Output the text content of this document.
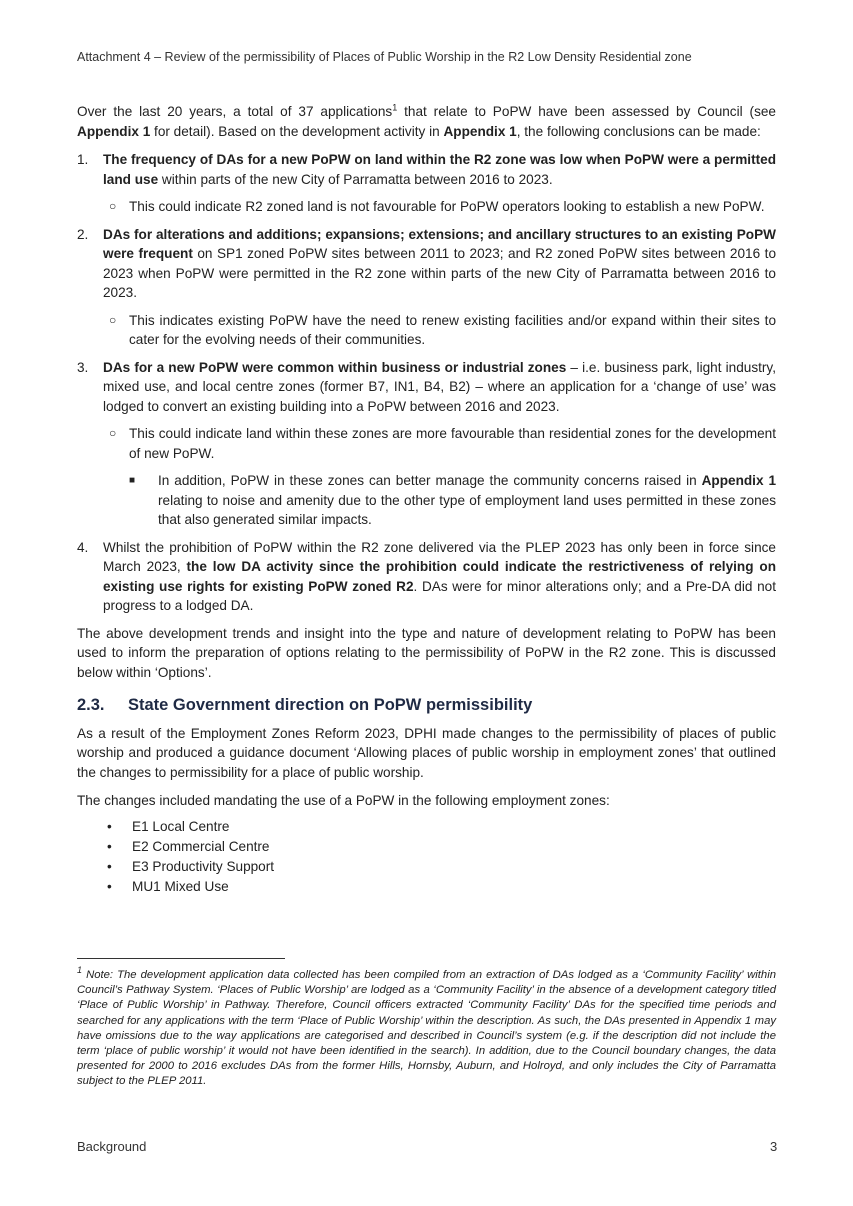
Attachment 4 – Review of the permissibility of Places of Public Worship in the R2 Low Density Residential zone

Over the last 20 years, a total of 37 applications$^1$ that relate to PoPW have been assessed by Council (see Appendix 1 for detail). Based on the development activity in Appendix 1, the following conclusions can be made:

1.	The frequency of DAs for a new PoPW on land within the R2 zone was low when PoPW were a permitted land use within parts of the new City of Parramatta between 2016 to 2023.

○ This could indicate R2 zoned land is not favourable for PoPW operators looking to establish a new PoPW.

2.	DAs for alterations and additions; expansions; extensions; and ancillary structures to an existing PoPW were frequent on SP1 zoned PoPW sites between 2011 to 2023; and R2 zoned PoPW sites between 2016 to 2023 when PoPW were permitted in the R2 zone within parts of the new City of Parramatta between 2016 to 2023.

○ This indicates existing PoPW have the need to renew existing facilities and/or expand within their sites to cater for the evolving needs of their communities.

3.	DAs for a new PoPW were common within business or industrial zones – i.e. business park, light industry, mixed use, and local centre zones (former B7, IN1, B4, B2) – where an application for a ‘change of use’ was lodged to convert an existing building into a PoPW between 2016 and 2023.

○ This could indicate land within these zones are more favourable than residential zones for the development of new PoPW.

■ In addition, PoPW in these zones can better manage the community concerns raised in Appendix 1 relating to noise and amenity due to the other type of employment land uses permitted in these zones that also generated similar impacts.

4.	Whilst the prohibition of PoPW within the R2 zone delivered via the PLEP 2023 has only been in force since March 2023, the low DA activity since the prohibition could indicate the restrictiveness of relying on existing use rights for existing PoPW zoned R2. DAs were for minor alterations only; and a Pre-DA did not progress to a lodged DA.

The above development trends and insight into the type and nature of development relating to PoPW has been used to inform the preparation of options relating to the permissibility of PoPW in the R2 zone. This is discussed below within ‘Options’.

2.3. State Government direction on PoPW permissibility

As a result of the Employment Zones Reform 2023, DPHI made changes to the permissibility of places of public worship and produced a guidance document ‘Allowing places of public worship in employment zones’ that outlined the changes to permissibility for a place of public worship.

The changes included mandating the use of a PoPW in the following employment zones:

• E1 Local Centre
• E2 Commercial Centre
• E3 Productivity Support
• MU1 Mixed Use

$^1$ Note: The development application data collected has been compiled from an extraction of DAs lodged as a ‘Community Facility’ within Council’s Pathway System. ‘Places of Public Worship’ are lodged as a ‘Community Facility’ in the absence of a development category titled ‘Place of Public Worship’ in Pathway. Therefore, Council officers extracted ‘Community Facility’ DAs for the specified time periods and searched for any applications with the term ‘Place of Public Worship’ within the description. As such, the DAs presented in Appendix 1 may have omissions due to the way applications are categorised and described in Council’s system (e.g. if the description did not include the term ‘place of public worship’ it would not have been identified in the search). In addition, due to the Council boundary changes, the data presented for 2000 to 2016 excludes DAs from the former Hills, Hornsby, Auburn, and Holroyd, and only includes the City of Parramatta subject to the PLEP 2011.

Background	3
